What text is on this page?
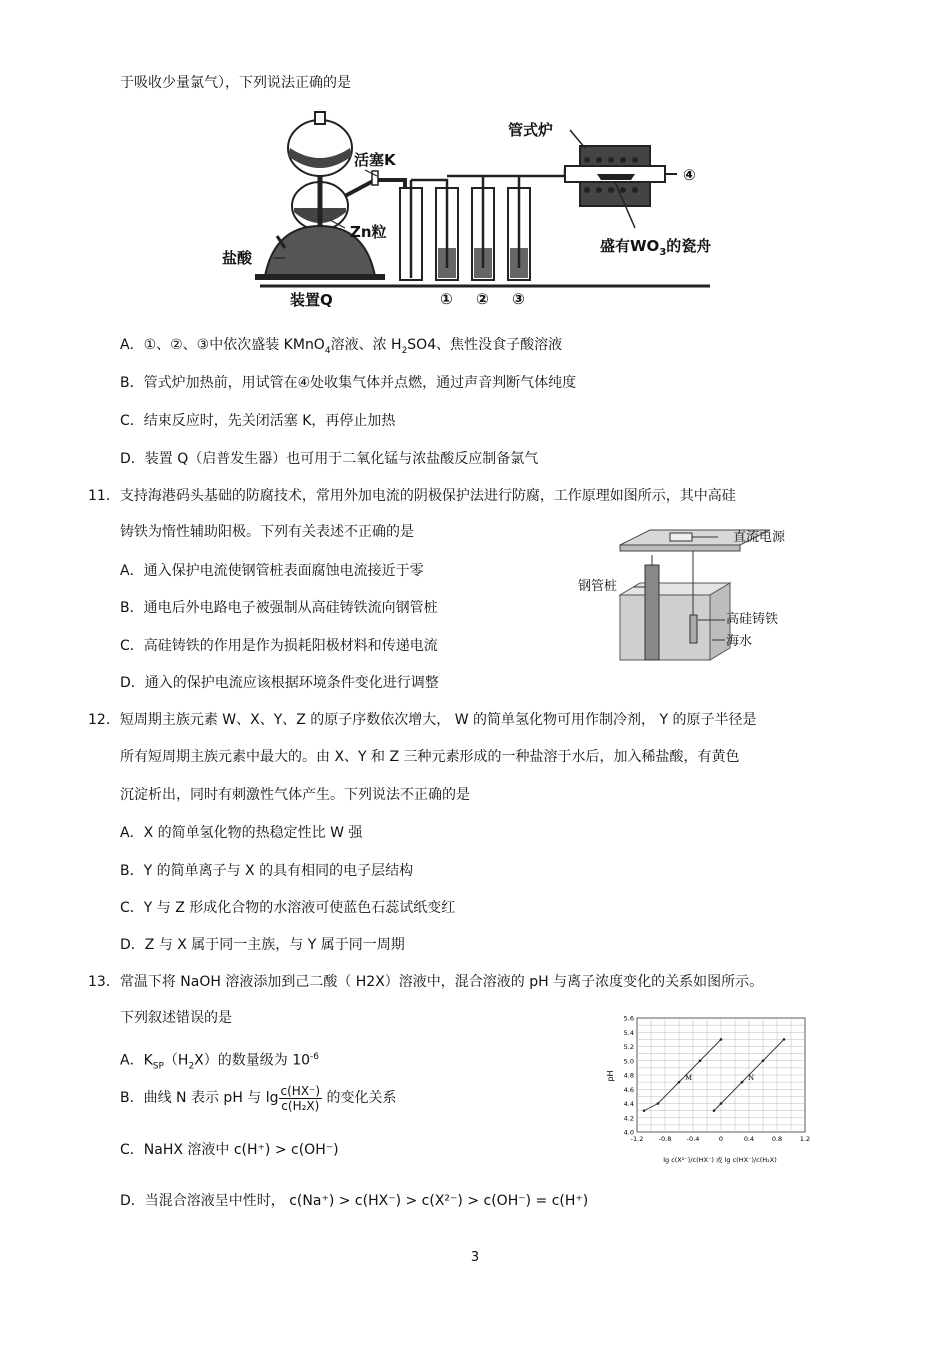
于吸收少量氯气），下列说法正确的是
管式炉
活塞K
Zn粒
盐酸
装置Q
盛有$WO_3$的瓷舟
① ② ③
④
A．①、②、③中依次盛装 KMnO$_4$溶液、浓 $H_2SO4$、焦性没食子酸溶液
B．管式炉加热前，用试管在④处收集气体并点燃，通过声音判断气体纯度
C．结束反应时，先关闭活塞 K，再停止加热
D．装置 Q（启普发生器）也可用于二氧化锰与浓盐酸反应制备氯气
11．支持海港码头基础的防腐技术，常用外加电流的阴极保护法进行防腐，工作原理如图所示，其中高硅
铸铁为惰性辅助阳极。下列有关表述不正确的是
A．通入保护电流使钢管桩表面腐蚀电流接近于零
B．通电后外电路电子被强制从高硅铸铁流向钢管桩
C．高硅铸铁的作用是作为损耗阳极材料和传递电流
D．通入的保护电流应该根据环境条件变化进行调整
直流电源
钢管桩
高硅铸铁
海水
12．短周期主族元素 W、X、Y、Z 的原子序数依次增大， W 的简单氢化物可用作制冷剂， Y 的原子半径是
所有短周期主族元素中最大的。由 X、Y 和 Z 三种元素形成的一种盐溶于水后，加入稀盐酸，有黄色
沉淀析出，同时有刺激性气体产生。下列说法不正确的是
A．X 的简单氢化物的热稳定性比 W 强
B．Y 的简单离子与 X 的具有相同的电子层结构
C．Y 与 Z 形成化合物的水溶液可使蓝色石蕊试纸变红
D．Z 与 X 属于同一主族，与 Y 属于同一周期
13．常温下将 NaOH 溶液添加到己二酸（ H2X）溶液中，混合溶液的 pH 与离子浓度变化的关系如图所示。
下列叙述错误的是
A．$K_{SP}(H_2X)$的数量级为 $10^{-6}$
B．曲线 N 表示 pH 与 $\lg \frac{c(HX^-)}{\text{c(H₂X)}}$ 的变化关系
C．NaHX 溶液中 c(H⁺) > c(OH⁻)
D．当混合溶液呈中性时， c(Na⁺) > c(HX⁻) > c(X²⁻) > c(OH⁻) = c(H⁺)
-1.2 -0.8 -0.4	0	0.4	0.8	1.2
4.0
4.2
4.4
4.6
4.8
5.0
5.2
5.4
5.6
M	N
pH
lg c(X²⁻)/c(HX⁻) 或 lg c(HX⁻)/c(H₂X)
3
